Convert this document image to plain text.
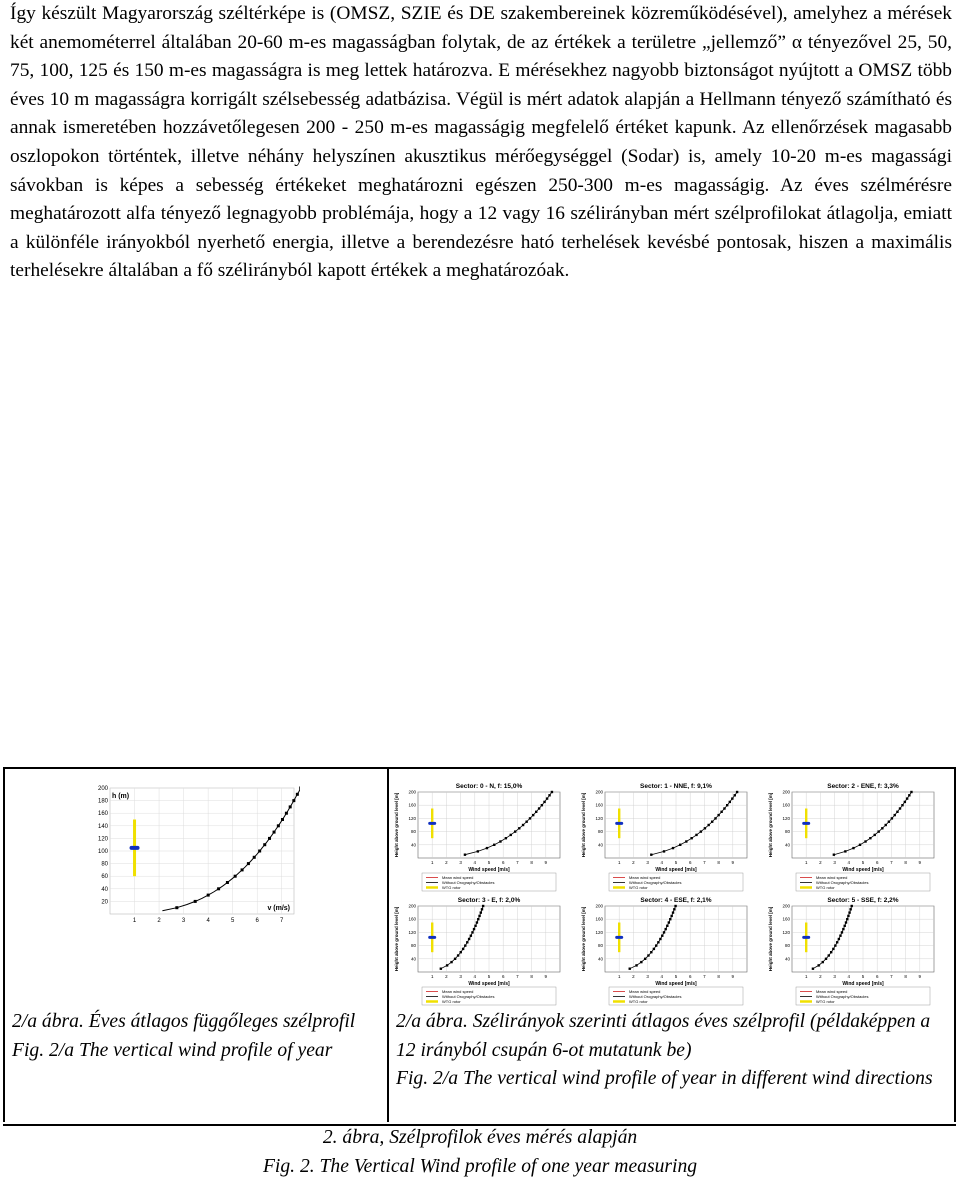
Így készült Magyarország széltérképe is (OMSZ, SZIE és DE szakembereinek közreműködésével), amelyhez a mérések két anemométerrel általában 20-60 m-es magasságban folytak, de az értékek a területre „jellemző” α tényezővel 25, 50, 75, 100, 125 és 150 m-es magasságra is meg lettek határozva. E mérésekhez nagyobb biztonságot nyújtott a OMSZ több éves 10 m magasságra korrigált szélsebesség adatbázisa. Végül is mért adatok alapján a Hellmann tényező számítható és annak ismeretében hozzávetőlegesen 200 - 250 m-es magasságig megfelelő értéket kapunk. Az ellenőrzések magasabb oszlopokon történtek, illetve néhány helyszínen akusztikus mérőegységgel (Sodar) is, amely 10-20 m-es magassági sávokban is képes a sebesség értékeket meghatározni egészen 250-300 m-es magasságig. Az éves szélmérésre meghatározott alfa tényező legnagyobb problémája, hogy a 12 vagy 16 szélirányban mért szélprofilokat átlagolja, emiatt a különféle irányokból nyerhető energia, illetve a berendezésre ható terhelések kevésbé pontosak, hiszen a maximális terhelésekre általában a fő szélirányból kapott értékek a meghatározóak.

20
40
60
80
100
120
140
160
180
200
1	2	3	4	5	6	7
h (m)
v (m/s)
Sector: 0 - N, f: 15,0%
1	2	3	4	5	6	7	8	9
40
80
120
160
200
Wind speed [m/s]
Height above ground level [m]
Mean wind speed
Without Orography/Obstacles
WTG rotor
Sector: 1 - NNE, f: 9,1%
1	2	3	4	5	6	7	8	9
40
80
120
160
200
Wind speed [m/s]
Height above ground level [m]
Mean wind speed
Without Orography/Obstacles
WTG rotor
Sector: 2 - ENE, f: 3,3%
1	2	3	4	5	6	7	8	9
40
80
120
160
200
Wind speed [m/s]
Height above ground level [m]
Mean wind speed
Without Orography/Obstacles
WTG rotor
Sector: 3 - E, f: 2,0%
1	2	3	4	5	6	7	8	9
40
80
120
160
200
Wind speed [m/s]
Height above ground level [m]
Mean wind speed
Without Orography/Obstacles
WTG rotor
Sector: 4 - ESE, f: 2,1%
1	2	3	4	5	6	7	8	9
40
80
120
160
200
Wind speed [m/s]
Height above ground level [m]
Mean wind speed
Without Orography/Obstacles
WTG rotor
Sector: 5 - SSE, f: 2,2%
1	2	3	4	5	6	7	8	9
40
80
120
160
200
Wind speed [m/s]
Height above ground level [m]
Mean wind speed
Without Orography/Obstacles
WTG rotor
2/a ábra. Éves átlagos függőleges szélprofil
Fig. 2/a The vertical wind profile of year
2/a ábra. Szélirányok szerinti átlagos éves szélprofil (példaképpen a 12 irányból csupán 6-ot mutatunk be)
Fig. 2/a The vertical wind profile of year in different wind directions
2. ábra, Szélprofilok éves mérés alapján
Fig. 2. The Vertical Wind profile of one year measuring
